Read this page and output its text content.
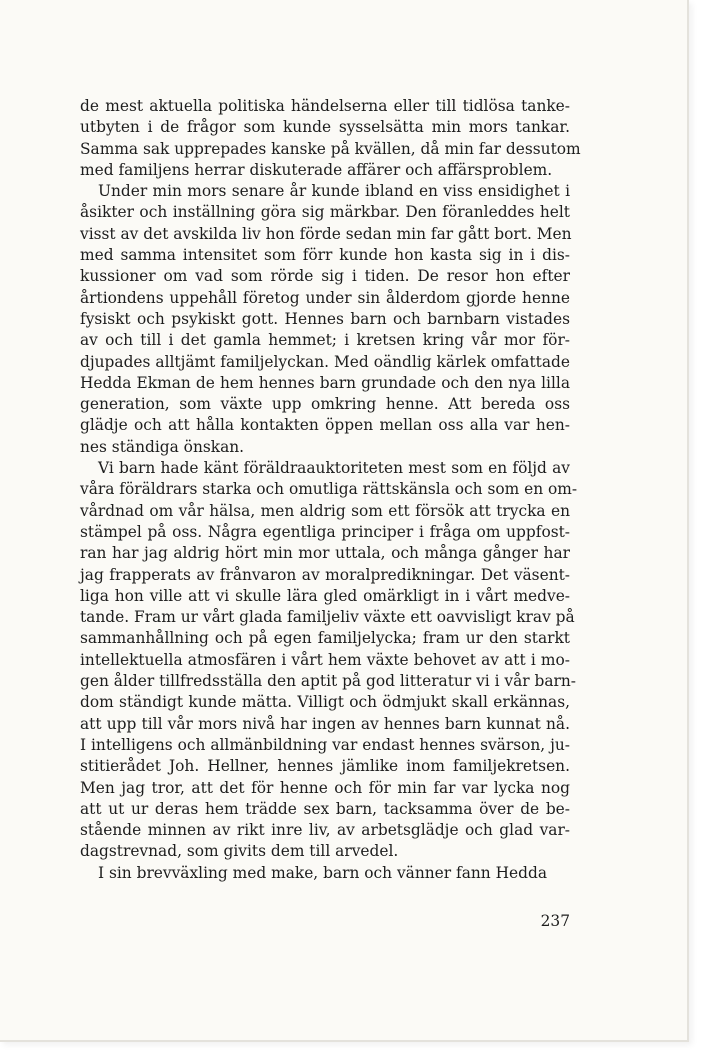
de mest aktuella politiska händelserna eller till tidlösa tanke-
utbyten i de frågor som kunde sysselsätta min mors tankar.
Samma sak upprepades kanske på kvällen, då min far dessutom
med familjens herrar diskuterade affärer och affärsproblem.
Under min mors senare år kunde ibland en viss ensidighet i
åsikter och inställning göra sig märkbar. Den föranleddes helt
visst av det avskilda liv hon förde sedan min far gått bort. Men
med samma intensitet som förr kunde hon kasta sig in i dis-
kussioner om vad som rörde sig i tiden. De resor hon efter
årtiondens uppehåll företog under sin ålderdom gjorde henne
fysiskt och psykiskt gott. Hennes barn och barnbarn vistades
av och till i det gamla hemmet; i kretsen kring vår mor för-
djupades alltjämt familjelyckan. Med oändlig kärlek omfattade
Hedda Ekman de hem hennes barn grundade och den nya lilla
generation, som växte upp omkring henne. Att bereda oss
glädje och att hålla kontakten öppen mellan oss alla var hen-
nes ständiga önskan.
Vi barn hade känt föräldraauktoriteten mest som en följd av
våra föräldrars starka och omutliga rättskänsla och som en om-
vårdnad om vår hälsa, men aldrig som ett försök att trycka en
stämpel på oss. Några egentliga principer i fråga om uppfost-
ran har jag aldrig hört min mor uttala, och många gånger har
jag frapperats av frånvaron av moralpredikningar. Det väsent-
liga hon ville att vi skulle lära gled omärkligt in i vårt medve-
tande. Fram ur vårt glada familjeliv växte ett oavvisligt krav på
sammanhållning och på egen familjelycka; fram ur den starkt
intellektuella atmosfären i vårt hem växte behovet av att i mo-
gen ålder tillfredsställa den aptit på god litteratur vi i vår barn-
dom ständigt kunde mätta. Villigt och ödmjukt skall erkännas,
att upp till vår mors nivå har ingen av hennes barn kunnat nå.
I intelligens och allmänbildning var endast hennes svärson, ju-
stitierådet Joh. Hellner, hennes jämlike inom familjekretsen.
Men jag tror, att det för henne och för min far var lycka nog
att ut ur deras hem trädde sex barn, tacksamma över de be-
stående minnen av rikt inre liv, av arbetsglädje och glad var-
dagstrevnad, som givits dem till arvedel.
I sin brevväxling med make, barn och vänner fann Hedda
237
